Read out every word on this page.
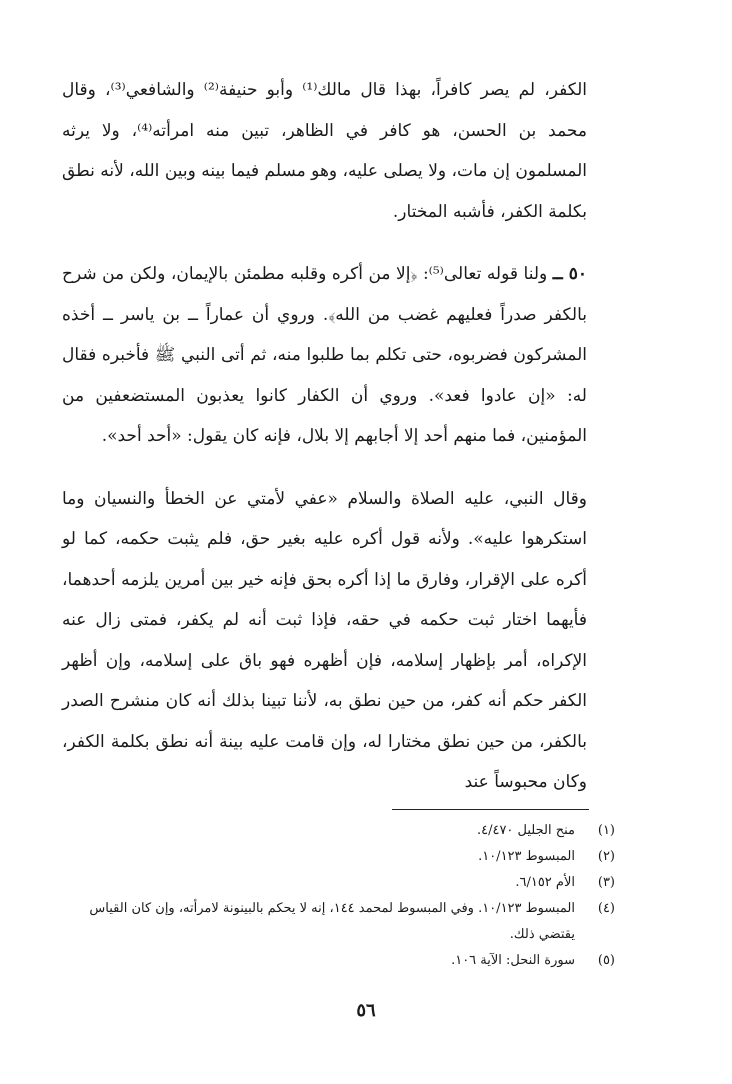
الكفر، لم يصر كافراً، بهذا قال مالك⁽¹⁾ وأبو حنيفة⁽²⁾ والشافعي⁽³⁾، وقال محمد بن الحسن، هو كافر في الظاهر، تبين منه امرأته⁽⁴⁾، ولا يرثه المسلمون إن مات، ولا يصلى عليه، وهو مسلم فيما بينه وبين الله، لأنه نطق بكلمة الكفر، فأشبه المختار.

٥٠ ــ ولنا قوله تعالى⁽⁵⁾: ﴿إلا من أكره وقلبه مطمئن بالإيمان، ولكن من شرح بالكفر صدراً فعليهم غضب من الله﴾. وروي أن عماراً ــ بن ياسر ــ أخذه المشركون فضربوه، حتى تكلم بما طلبوا منه، ثم أتى النبي ﷺ فأخبره فقال له: «إن عادوا فعد». وروي أن الكفار كانوا يعذبون المستضعفين من المؤمنين، فما منهم أحد إلا أجابهم إلا بلال، فإنه كان يقول: «أحد أحد».

وقال النبي، عليه الصلاة والسلام «عفي لأمتي عن الخطأ والنسيان وما استكرهوا عليه». ولأنه قول أكره عليه بغير حق، فلم يثبت حكمه، كما لو أكره على الإقرار، وفارق ما إذا أكره بحق فإنه خير بين أمرين يلزمه أحدهما، فأيهما اختار ثبت حكمه في حقه، فإذا ثبت أنه لم يكفر، فمتى زال عنه الإكراه، أمر بإظهار إسلامه، فإن أظهره فهو باق على إسلامه، وإن أظهر الكفر حكم أنه كفر، من حين نطق به، لأننا تبينا بذلك أنه كان منشرح الصدر بالكفر، من حين نطق مختارا له، وإن قامت عليه بينة أنه نطق بكلمة الكفر، وكان محبوساً عند

(١)
منح الجليل ٤/٤٧٠.
(٢)
المبسوط ١٠/١٢٣.
(٣)
الأم ٦/١٥٢.
(٤)
المبسوط ١٠/١٢٣. وفي المبسوط لمحمد ١٤٤، إنه لا يحكم بالبينونة لامرأته، وإن كان القياس يقتضي ذلك.
(٥)
سورة النحل: الآية ١٠٦.
٥٦
